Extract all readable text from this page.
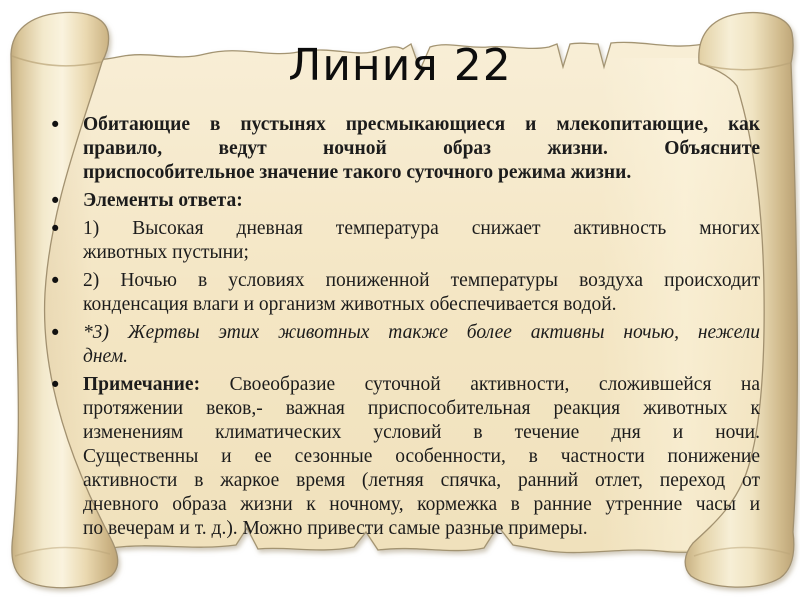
Линия 22
•	Обитающие в пустынях пресмыкающиеся и млекопитающие, как
правило, ведут ночной образ жизни. Объясните
приспособительное значение такого суточного режима жизни.
•	Элементы ответа:
•	1) Высокая дневная температура снижает активность многих
животных пустыни;
•	2) Ночью в условиях пониженной температуры воздуха происходит
конденсация влаги и организм животных обеспечивается водой.
•	*3) Жертвы этих животных также более активны ночью, нежели
днем.
•	Примечание: Своеобразие суточной активности, сложившейся на
протяжении веков,- важная приспособительная реакция животных к
изменениям климатических условий в течение дня и ночи.
Существенны и ее сезонные особенности, в частности понижение
активности в жаркое время (летняя спячка, ранний отлет, переход от
дневного образа жизни к ночному, кормежка в ранние утренние часы и
по вечерам и т. д.). Можно привести самые разные примеры.
